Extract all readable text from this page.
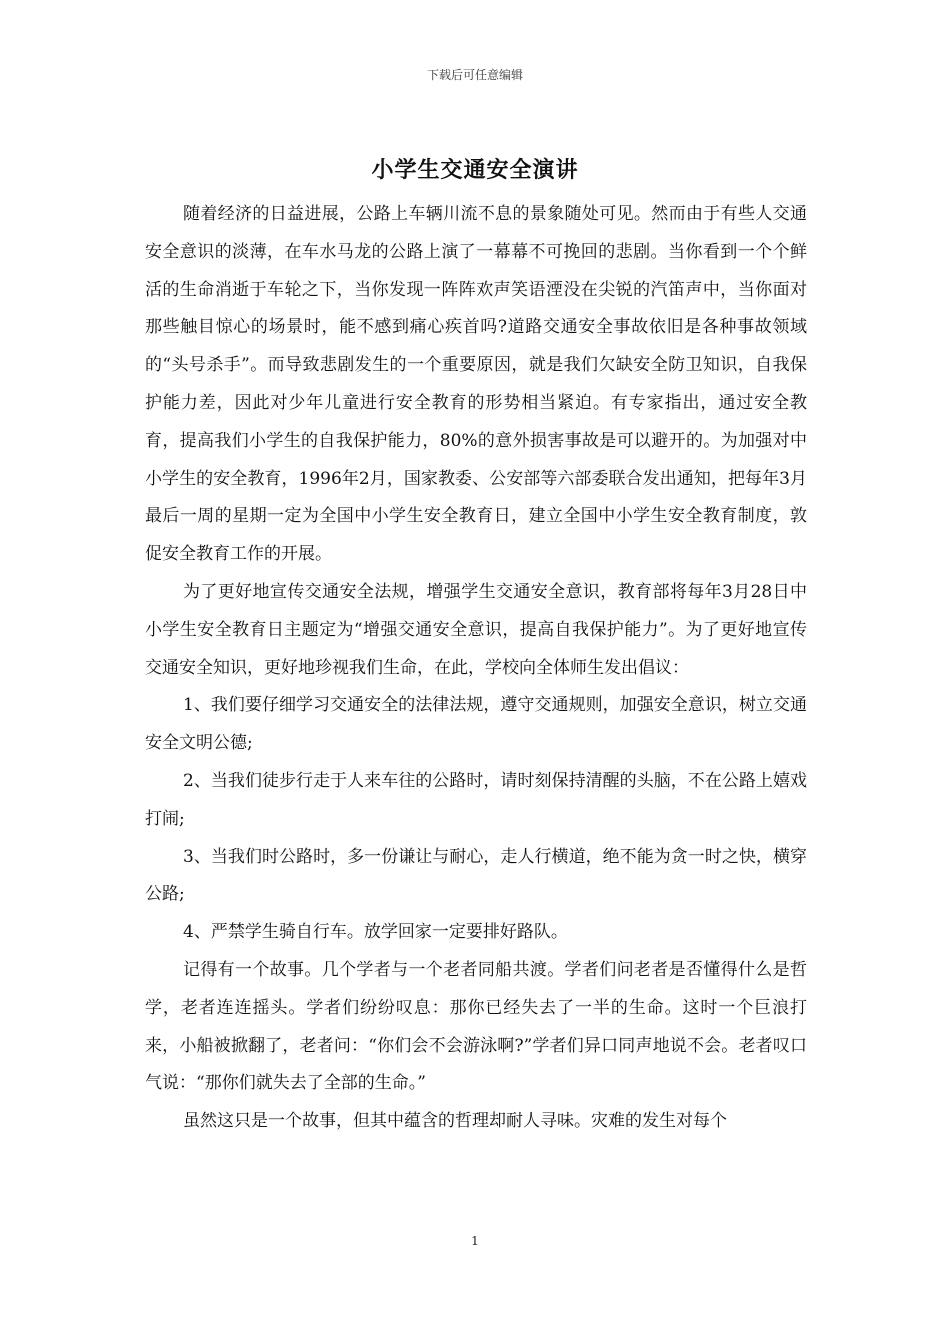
下载后可任意编辑
小学生交通安全演讲

随着经济的日益进展，公路上车辆川流不息的景象随处可见。然而由于有些人交通安全意识的淡薄，在车水马龙的公路上演了一幕幕不可挽回的悲剧。当你看到一个个鲜活的生命消逝于车轮之下，当你发现一阵阵欢声笑语湮没在尖锐的汽笛声中，当你面对那些触目惊心的场景时，能不感到痛心疾首吗?道路交通安全事故依旧是各种事故领域的“头号杀手”。而导致悲剧发生的一个重要原因，就是我们欠缺安全防卫知识，自我保护能力差，因此对少年儿童进行安全教育的形势相当紧迫。有专家指出，通过安全教育，提高我们小学生的自我保护能力，80%的意外损害事故是可以避开的。为加强对中小学生的安全教育，1996年2月，国家教委、公安部等六部委联合发出通知，把每年3月最后一周的星期一定为全国中小学生安全教育日，建立全国中小学生安全教育制度，敦促安全教育工作的开展。

为了更好地宣传交通安全法规，增强学生交通安全意识，教育部将每年3月28日中小学生安全教育日主题定为“增强交通安全意识，提高自我保护能力”。为了更好地宣传交通安全知识，更好地珍视我们生命，在此，学校向全体师生发出倡议：

1、我们要仔细学习交通安全的法律法规，遵守交通规则，加强安全意识，树立交通安全文明公德;

2、当我们徒步行走于人来车往的公路时，请时刻保持清醒的头脑，不在公路上嬉戏打闹;

3、当我们时公路时，多一份谦让与耐心，走人行横道，绝不能为贪一时之快，横穿公路;

4、严禁学生骑自行车。放学回家一定要排好路队。

记得有一个故事。几个学者与一个老者同船共渡。学者们问老者是否懂得什么是哲学，老者连连摇头。学者们纷纷叹息：那你已经失去了一半的生命。这时一个巨浪打来，小船被掀翻了，老者问：“你们会不会游泳啊?”学者们异口同声地说不会。老者叹口气说：“那你们就失去了全部的生命。”

虽然这只是一个故事，但其中蕴含的哲理却耐人寻味。灾难的发生对每个

1
